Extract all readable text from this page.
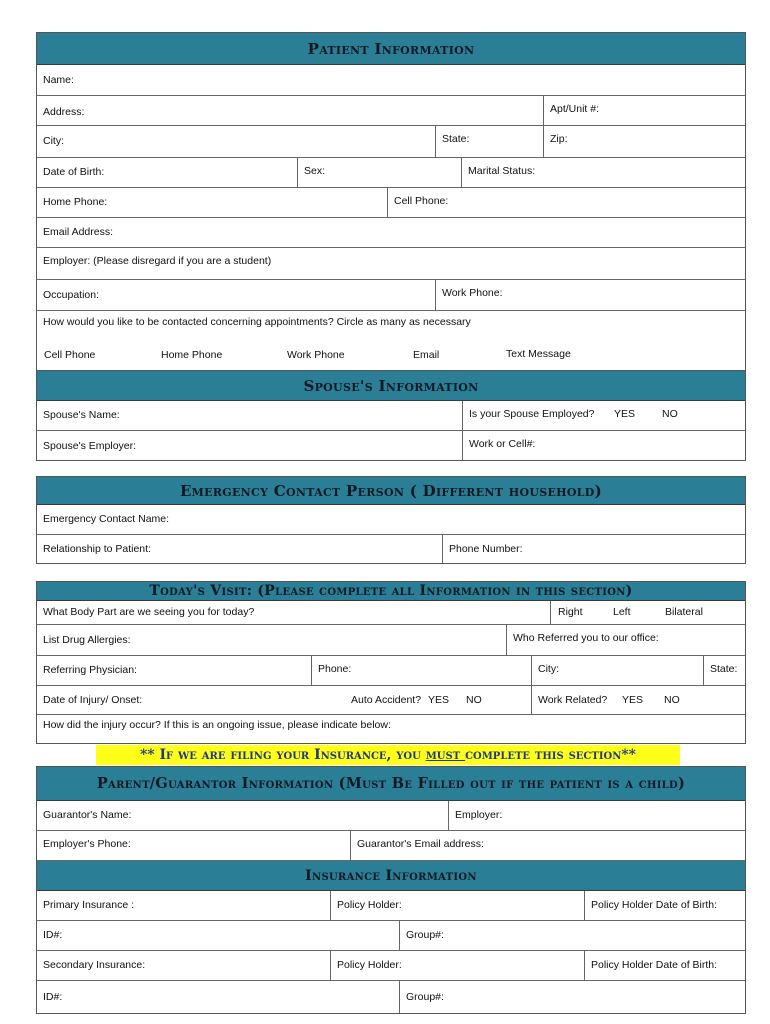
Patient Information
Name:
Address:	Apt/Unit #:
City:	State:	Zip:
Date of Birth:	Sex:	Marital Status:
Home Phone:	Cell Phone:
Email Address:
Employer: (Please disregard if you are a student)
Occupation:	Work Phone:
How would you like to be contacted concerning appointments? Circle as many as necessary
Cell Phone	Home Phone	Work Phone	Email	Text Message
Spouse's Information
Spouse's Name:	Is your Spouse Employed?	YES	NO
Spouse's Employer:	Work or Cell#:
Emergency Contact Person ( Different household)
Emergency Contact Name:
Relationship to Patient:	Phone Number:
Today's Visit: (Please complete all Information in this section)
What Body Part are we seeing you for today?	Right	Left	Bilateral
List Drug Allergies:	Who Referred you to our office:
Referring Physician:	Phone:	City:	State:
Date of Injury/ Onset:	Auto Accident? YES NO	Work Related? YES NO
How did the injury occur? If this is an ongoing issue, please indicate below:
** If we are filing your Insurance, you must complete this section**
Parent/Guarantor Information (Must Be Filled out if the patient is a child)
Guarantor's Name:	Employer:
Employer's Phone:	Guarantor's Email address:
Insurance Information
Primary Insurance :	Policy Holder:	Policy Holder Date of Birth:
ID#:	Group#:
Secondary Insurance:	Policy Holder:	Policy Holder Date of Birth:
ID#:	Group#:
